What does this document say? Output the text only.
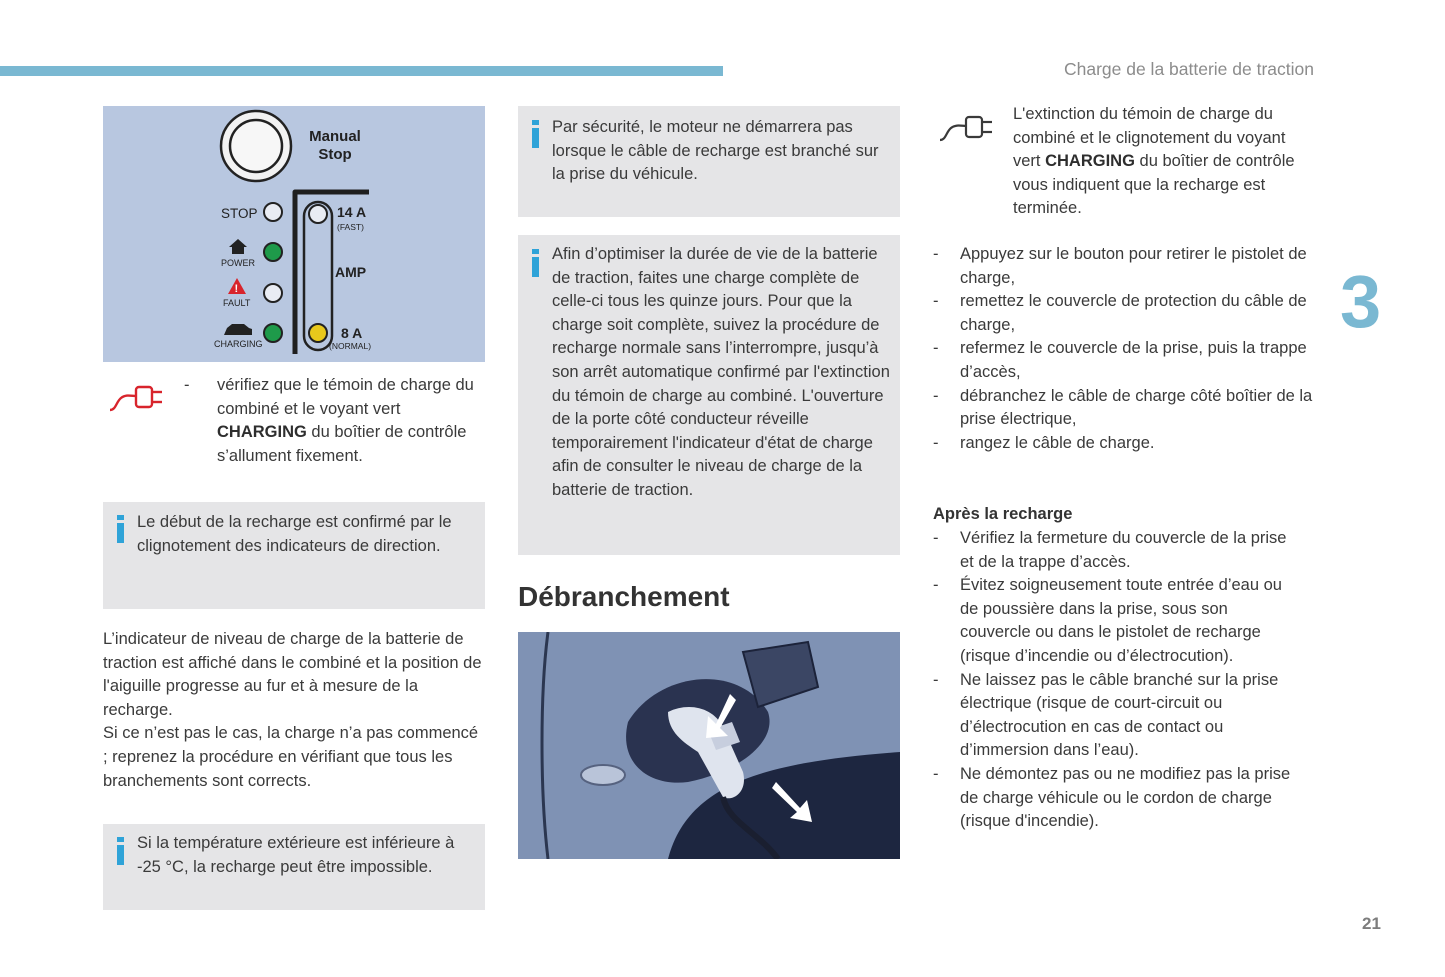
Charge de la batterie de traction
3
21
Manual
Stop
STOP
POWER
!
FAULT
CHARGING
14 A
(FAST)
AMP
8 A
(NORMAL)
- vérifiez que le témoin de charge du combiné et le voyant vert CHARGING du boîtier de contrôle s’allument fixement.
Le début de la recharge est confirmé par le clignotement des indicateurs de direction.
L’indicateur de niveau de charge de la batterie de traction est affiché dans le combiné et la position de l'aiguille progresse au fur et à mesure de la recharge.
Si ce n’est pas le cas, la charge n’a pas commencé ; reprenez la procédure en vérifiant que tous les branchements sont corrects.
Si la température extérieure est inférieure à -25 °C, la recharge peut être impossible.
Par sécurité, le moteur ne démarrera pas lorsque le câble de recharge est branché sur la prise du véhicule.
Afin d’optimiser la durée de vie de la batterie de traction, faites une charge complète de celle-ci tous les quinze jours. Pour que la charge soit complète, suivez la procédure de recharge normale sans l’interrompre, jusqu’à son arrêt automatique confirmé par l'extinction du témoin de charge au combiné. L'ouverture de la porte côté conducteur réveille temporairement l'indicateur d'état de charge afin de consulter le niveau de charge de la batterie de traction.
Débranchement
L'extinction du témoin de charge du combiné et le clignotement du voyant vert CHARGING du boîtier de contrôle vous indiquent que la recharge est terminée.
- Appuyez sur le bouton pour retirer le pistolet de charge,
- remettez le couvercle de protection du câble de charge,
- refermez le couvercle de la prise, puis la trappe d’accès,
- débranchez le câble de charge côté boîtier de la prise électrique,
- rangez le câble de charge.
Après la recharge
- Vérifiez la fermeture du couvercle de la prise et de la trappe d’accès.
- Évitez soigneusement toute entrée d’eau ou de poussière dans la prise, sous son couvercle ou dans le pistolet de recharge (risque d’incendie ou d’électrocution).
- Ne laissez pas le câble branché sur la prise électrique (risque de court-circuit ou d’électrocution en cas de contact ou d’immersion dans l’eau).
- Ne démontez pas ou ne modifiez pas la prise de charge véhicule ou le cordon de charge (risque d'incendie).
